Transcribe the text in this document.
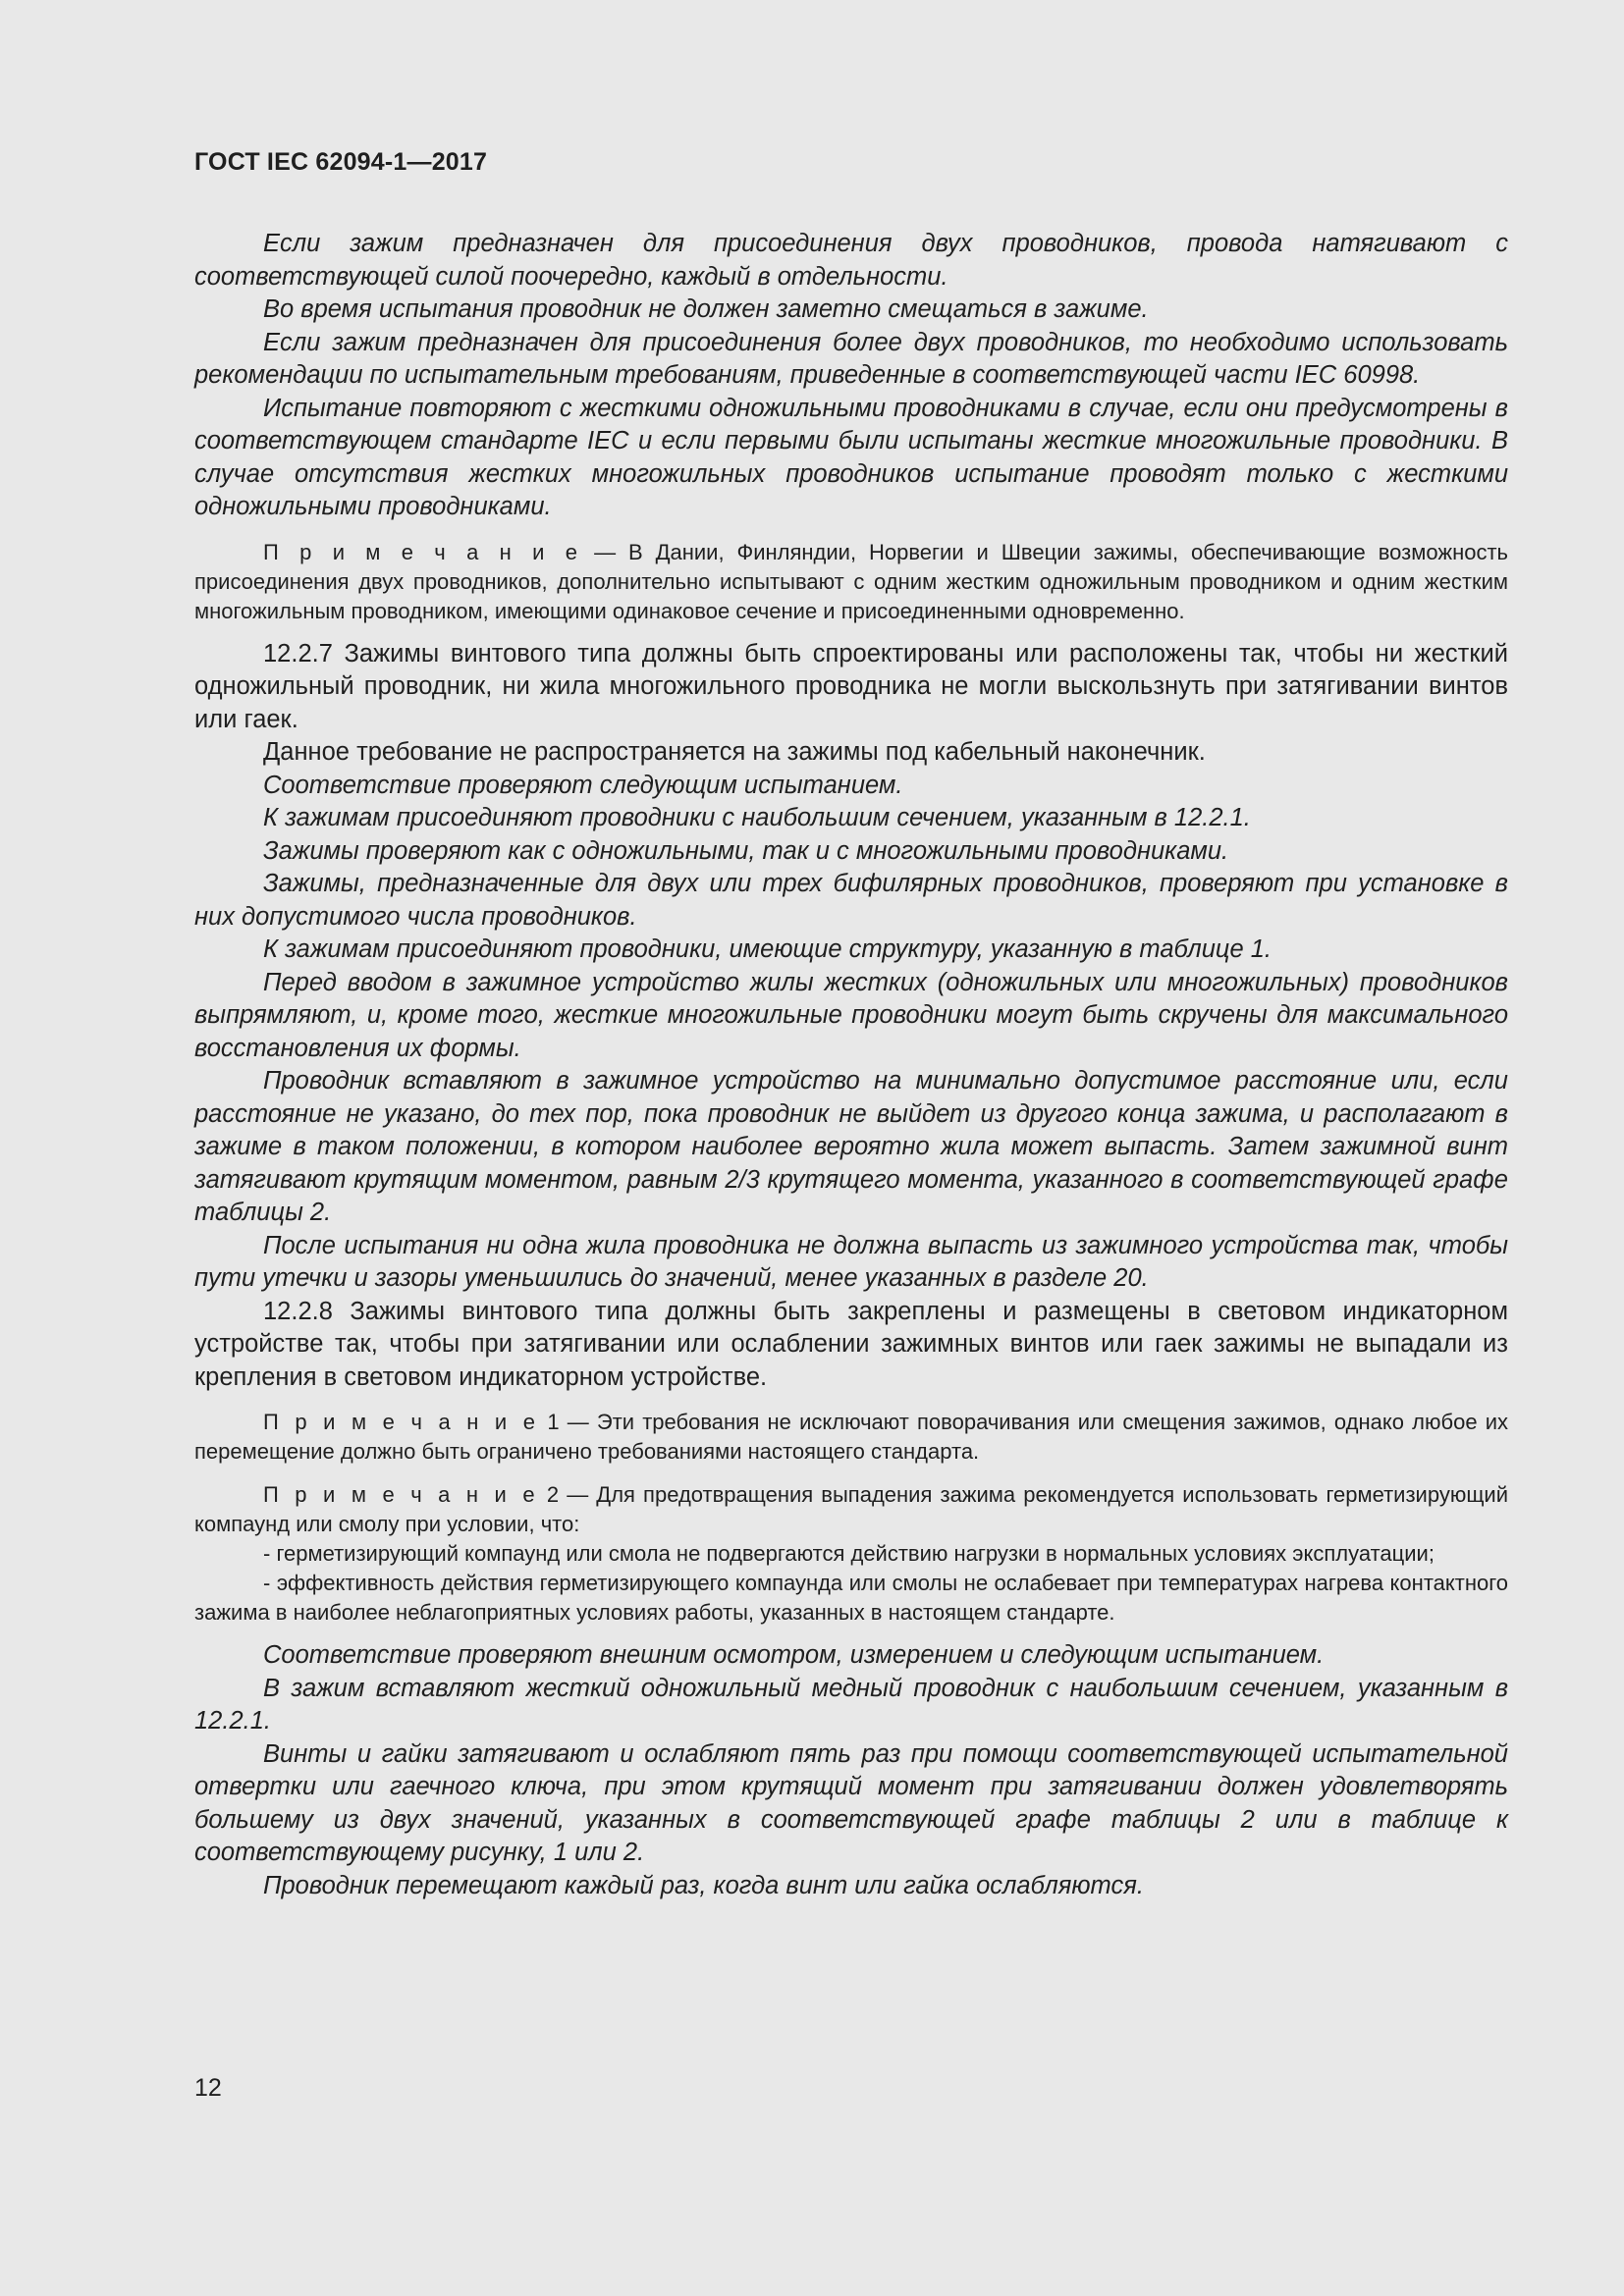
ГОСТ IEC 62094-1—2017

Если зажим предназначен для присоединения двух проводников, провода натягивают с соответствующей силой поочередно, каждый в отдельности.

Во время испытания проводник не должен заметно смещаться в зажиме.

Если зажим предназначен для присоединения более двух проводников, то необходимо использовать рекомендации по испытательным требованиям, приведенные в соответствующей части IEC 60998.

Испытание повторяют с жесткими одножильными проводниками в случае, если они предусмотрены в соответствующем стандарте IEC и если первыми были испытаны жесткие многожильные проводники. В случае отсутствия жестких многожильных проводников испытание проводят только с жесткими одножильными проводниками.

П р и м е ч а н и е — В Дании, Финляндии, Норвегии и Швеции зажимы, обеспечивающие возможность присоединения двух проводников, дополнительно испытывают с одним жестким одножильным проводником и одним жестким многожильным проводником, имеющими одинаковое сечение и присоединенными одновременно.

12.2.7 Зажимы винтового типа должны быть спроектированы или расположены так, чтобы ни жесткий одножильный проводник, ни жила многожильного проводника не могли выскользнуть при затягивании винтов или гаек.

Данное требование не распространяется на зажимы под кабельный наконечник.

Соответствие проверяют следующим испытанием.

К зажимам присоединяют проводники с наибольшим сечением, указанным в 12.2.1.

Зажимы проверяют как с одножильными, так и с многожильными проводниками.

Зажимы, предназначенные для двух или трех бифилярных проводников, проверяют при установке в них допустимого числа проводников.

К зажимам присоединяют проводники, имеющие структуру, указанную в таблице 1.

Перед вводом в зажимное устройство жилы жестких (одножильных или многожильных) проводников выпрямляют, и, кроме того, жесткие многожильные проводники могут быть скручены для максимального восстановления их формы.

Проводник вставляют в зажимное устройство на минимально допустимое расстояние или, если расстояние не указано, до тех пор, пока проводник не выйдет из другого конца зажима, и располагают в зажиме в таком положении, в котором наиболее вероятно жила может выпасть. Затем зажимной винт затягивают крутящим моментом, равным 2/3 крутящего момента, указанного в соответствующей графе таблицы 2.

После испытания ни одна жила проводника не должна выпасть из зажимного устройства так, чтобы пути утечки и зазоры уменьшились до значений, менее указанных в разделе 20.

12.2.8 Зажимы винтового типа должны быть закреплены и размещены в световом индикаторном устройстве так, чтобы при затягивании или ослаблении зажимных винтов или гаек зажимы не выпадали из крепления в световом индикаторном устройстве.

П р и м е ч а н и е 1 — Эти требования не исключают поворачивания или смещения зажимов, однако любое их перемещение должно быть ограничено требованиями настоящего стандарта.

П р и м е ч а н и е 2 — Для предотвращения выпадения зажима рекомендуется использовать герметизирующий компаунд или смолу при условии, что:

- герметизирующий компаунд или смола не подвергаются действию нагрузки в нормальных условиях эксплуатации;

- эффективность действия герметизирующего компаунда или смолы не ослабевает при температурах нагрева контактного зажима в наиболее неблагоприятных условиях работы, указанных в настоящем стандарте.

Соответствие проверяют внешним осмотром, измерением и следующим испытанием.

В зажим вставляют жесткий одножильный медный проводник с наибольшим сечением, указанным в 12.2.1.

Винты и гайки затягивают и ослабляют пять раз при помощи соответствующей испытательной отвертки или гаечного ключа, при этом крутящий момент при затягивании должен удовлетворять большему из двух значений, указанных в соответствующей графе таблицы 2 или в таблице к соответствующему рисунку, 1 или 2.

Проводник перемещают каждый раз, когда винт или гайка ослабляются.

12
